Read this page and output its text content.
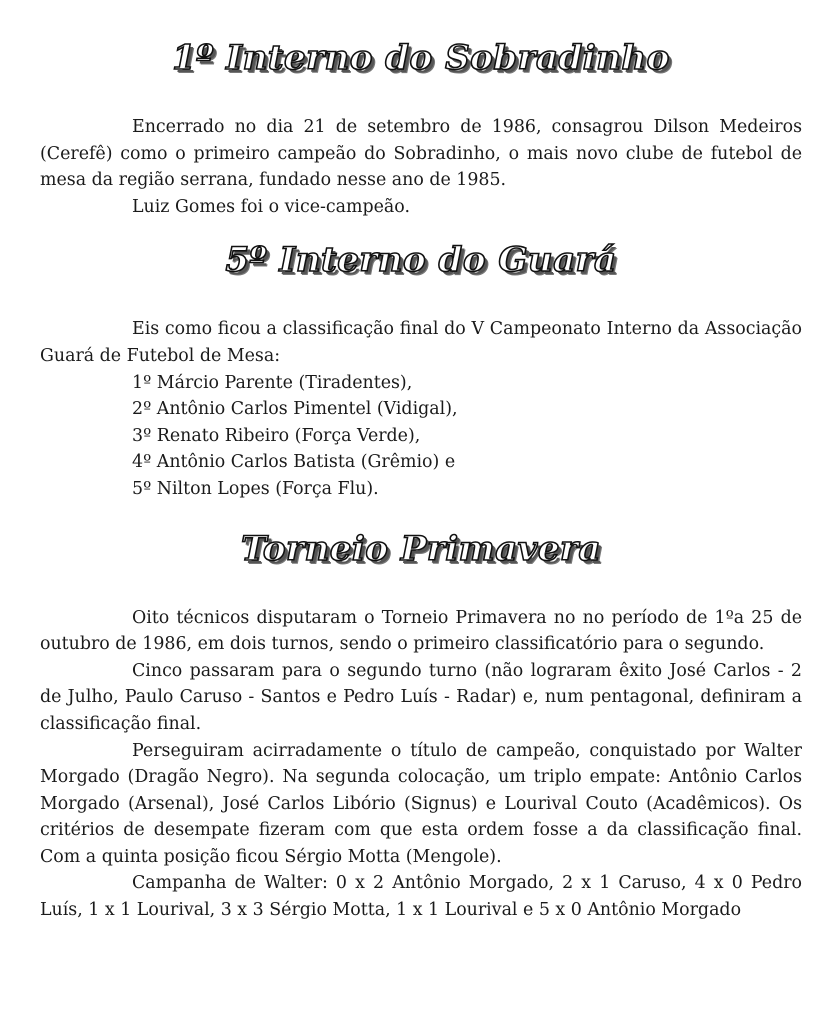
1º Interno do Sobradinho

Encerrado no dia 21 de setembro de 1986, consagrou Dilson Medeiros (Cerefê) como o primeiro campeão do Sobradinho, o mais novo clube de futebol de mesa da região serrana, fundado nesse ano de 1985.

Luiz Gomes foi o vice-campeão.

5º Interno do Guará

Eis como ficou a classificação final do V Campeonato Interno da Associação Guará de Futebol de Mesa:

1º Márcio Parente (Tiradentes),
2º Antônio Carlos Pimentel (Vidigal),
3º Renato Ribeiro (Força Verde),
4º Antônio Carlos Batista (Grêmio) e
5º Nilton Lopes (Força Flu).
Torneio Primavera

Oito técnicos disputaram o Torneio Primavera no no período de 1ºa 25 de outubro de 1986, em dois turnos, sendo o primeiro classificatório para o segundo.

Cinco passaram para o segundo turno (não lograram êxito José Carlos - 2 de Julho, Paulo Caruso - Santos e Pedro Luís - Radar) e, num pentagonal, definiram a classificação final.

Perseguiram acirradamente o título de campeão, conquistado por Walter Morgado (Dragão Negro). Na segunda colocação, um triplo empate: Antônio Carlos Morgado (Arsenal), José Carlos Libório (Signus) e Lourival Couto (Acadêmicos). Os critérios de desempate fizeram com que esta ordem fosse a da classificação final. Com a quinta posição ficou Sérgio Motta (Mengole).

Campanha de Walter: 0 x 2 Antônio Morgado, 2 x 1 Caruso, 4 x 0 Pedro Luís, 1 x 1 Lourival, 3 x 3 Sérgio Motta, 1 x 1 Lourival e 5 x 0 Antônio Morgado
